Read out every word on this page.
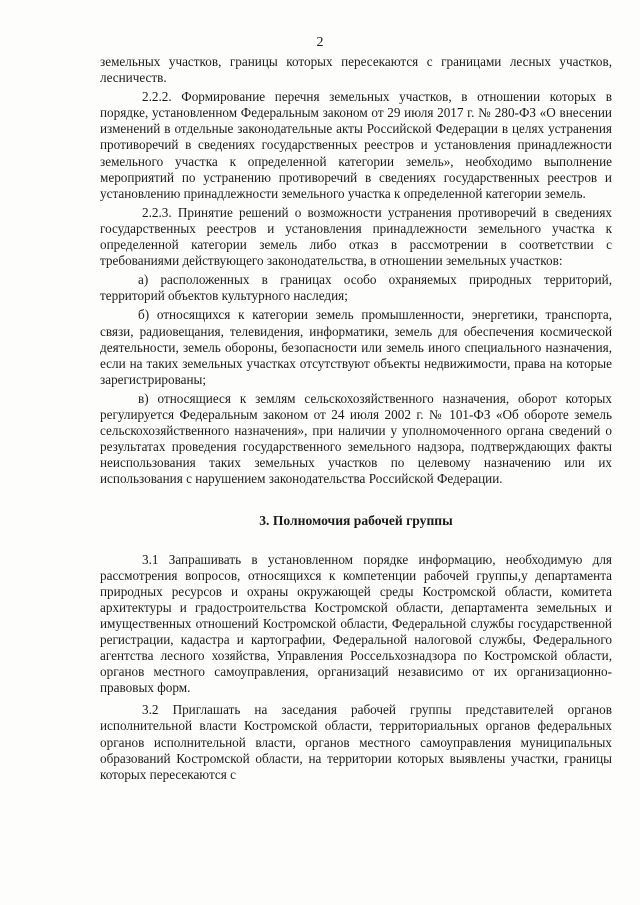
2

земельных участков, границы которых пересекаются с границами лесных участков, лесничеств.

2.2.2. Формирование перечня земельных участков, в отношении которых в порядке, установленном Федеральным законом от 29 июля 2017 г. № 280-ФЗ «О внесении изменений в отдельные законодательные акты Российской Федерации в целях устранения противоречий в сведениях государственных реестров и установления принадлежности земельного участка к определенной категории земель», необходимо выполнение мероприятий по устранению противоречий в сведениях государственных реестров и установлению принадлежности земельного участка к определенной категории земель.

2.2.3. Принятие решений о возможности устранения противоречий в сведениях государственных реестров и установления принадлежности земельного участка к определенной категории земель либо отказ в рассмотрении в соответствии с требованиями действующего законодательства, в отношении земельных участков:

а) расположенных в границах особо охраняемых природных территорий, территорий объектов культурного наследия;

б) относящихся к категории земель промышленности, энергетики, транспорта, связи, радиовещания, телевидения, информатики, земель для обеспечения космической деятельности, земель обороны, безопасности или земель иного специального назначения, если на таких земельных участках отсутствуют объекты недвижимости, права на которые зарегистрированы;

в) относящиеся к землям сельскохозяйственного назначения, оборот которых регулируется Федеральным законом от 24 июля 2002 г. № 101-ФЗ «Об обороте земель сельскохозяйственного назначения», при наличии у уполномоченного органа сведений о результатах проведения государственного земельного надзора, подтверждающих факты неиспользования таких земельных участков по целевому назначению или их использования с нарушением законодательства Российской Федерации.

3. Полномочия рабочей группы

3.1 Запрашивать в установленном порядке информацию, необходимую для рассмотрения вопросов, относящихся к компетенции рабочей группы,у департамента природных ресурсов и охраны окружающей среды Костромской области, комитета архитектуры и градостроительства Костромской области, департамента земельных и имущественных отношений Костромской области, Федеральной службы государственной регистрации, кадастра и картографии, Федеральной налоговой службы, Федерального агентства лесного хозяйства, Управления Россельхознадзора по Костромской области, органов местного самоуправления, организаций независимо от их организационно-правовых форм.

3.2 Приглашать на заседания рабочей группы представителей органов исполнительной власти Костромской области, территориальных органов федеральных органов исполнительной власти, органов местного самоуправления муниципальных образований Костромской области, на территории которых выявлены участки, границы которых пересекаются с
